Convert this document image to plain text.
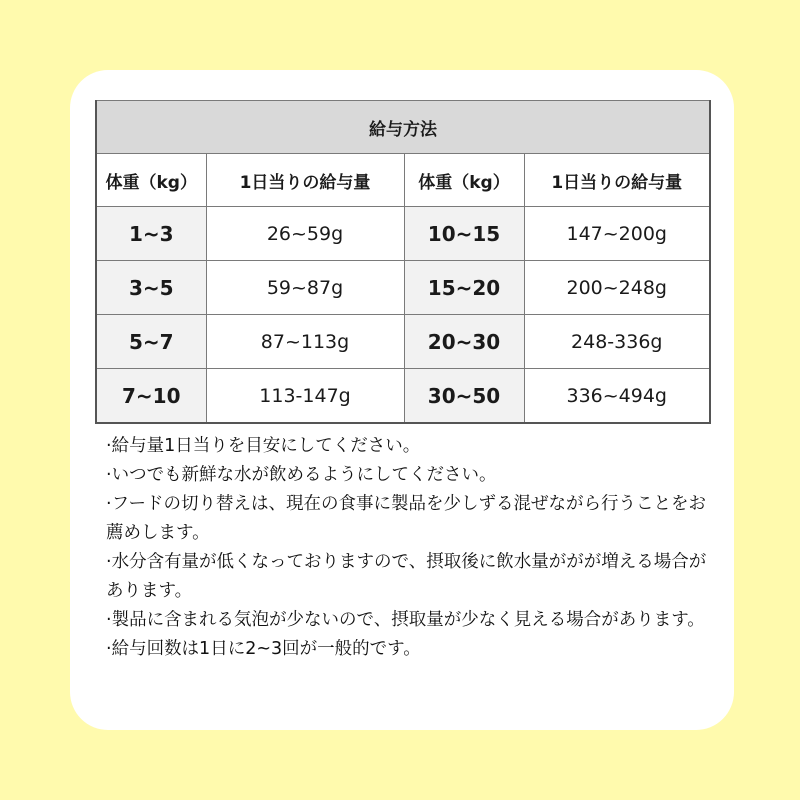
給与方法			
体重（kg）	1日当りの給与量	体重（kg）	1日当りの給与量
1~3	26~59g	10~15	147~200g
3~5	59~87g	15~20	200~248g
5~7	87~113g	20~30	248-336g
7~10	113-147g	30~50	336~494g
·給与量1日当りを目安にしてください。
·いつでも新鮮な水が飲めるようにしてください。
·フードの切り替えは、現在の食事に製品を少しずる混ぜながら行うことをお薦めします。
·水分含有量が低くなっておりますので、摂取後に飲水量ががが増える場合があります。
·製品に含まれる気泡が少ないので、摂取量が少なく見える場合があります。
·給与回数は1日に2~3回が一般的です。
